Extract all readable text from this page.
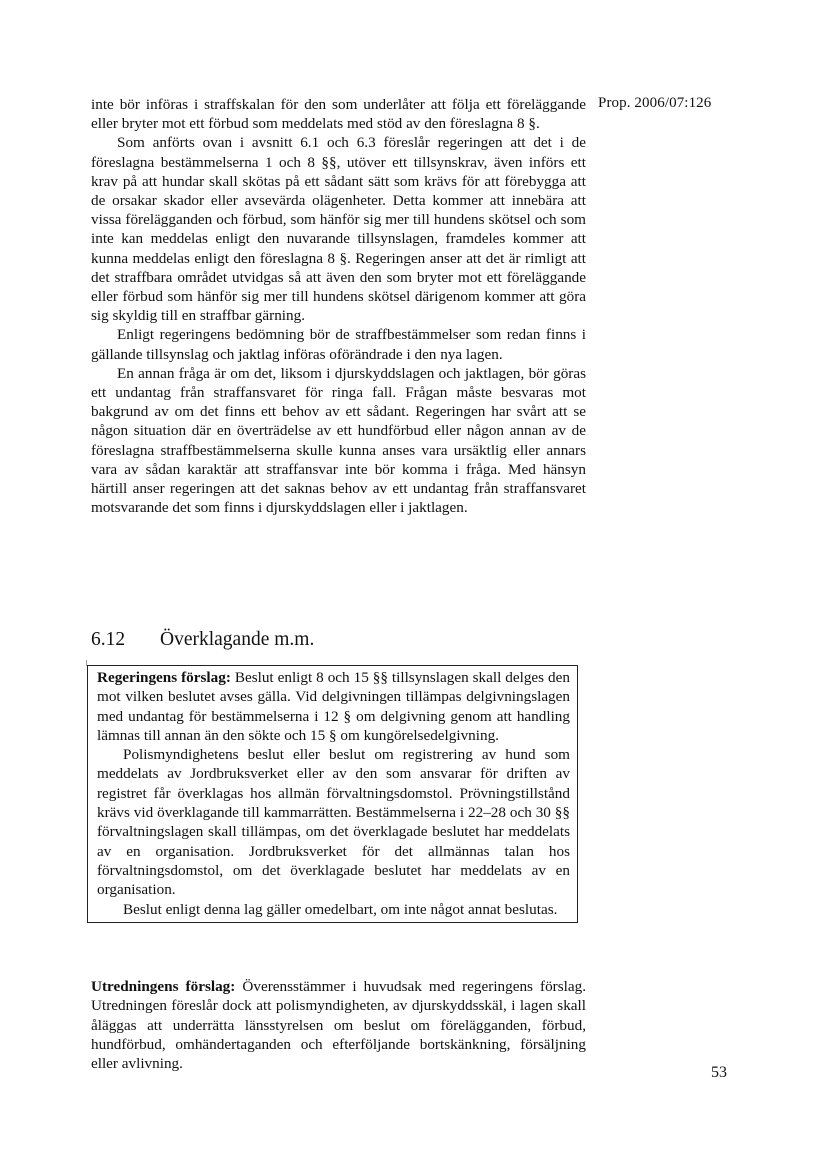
Prop. 2006/07:126

inte bör införas i straffskalan för den som underlåter att följa ett föreläggande eller bryter mot ett förbud som meddelats med stöd av den föreslagna 8 §.

Som anförts ovan i avsnitt 6.1 och 6.3 föreslår regeringen att det i de föreslagna bestämmelserna 1 och 8 §§, utöver ett tillsynskrav, även införs ett krav på att hundar skall skötas på ett sådant sätt som krävs för att förebygga att de orsakar skador eller avsevärda olägenheter. Detta kommer att innebära att vissa förelägganden och förbud, som hänför sig mer till hundens skötsel och som inte kan meddelas enligt den nuvarande tillsynslagen, framdeles kommer att kunna meddelas enligt den föreslagna 8 §. Regeringen anser att det är rimligt att det straffbara området utvidgas så att även den som bryter mot ett föreläggande eller förbud som hänför sig mer till hundens skötsel därigenom kommer att göra sig skyldig till en straffbar gärning.

Enligt regeringens bedömning bör de straffbestämmelser som redan finns i gällande tillsynslag och jaktlag införas oförändrade i den nya lagen.

En annan fråga är om det, liksom i djurskyddslagen och jaktlagen, bör göras ett undantag från straffansvaret för ringa fall. Frågan måste besvaras mot bakgrund av om det finns ett behov av ett sådant. Regeringen har svårt att se någon situation där en överträdelse av ett hundförbud eller någon annan av de föreslagna straffbestämmelserna skulle kunna anses vara ursäktlig eller annars vara av sådan karaktär att straffansvar inte bör komma i fråga. Med hänsyn härtill anser regeringen att det saknas behov av ett undantag från straffansvaret motsvarande det som finns i djurskyddslagen eller i jaktlagen.

6.12 Överklagande m.m.

Regeringens förslag: Beslut enligt 8 och 15 §§ tillsynslagen skall delges den mot vilken beslutet avses gälla. Vid delgivningen tillämpas delgivningslagen med undantag för bestämmelserna i 12 § om delgivning genom att handling lämnas till annan än den sökte och 15 § om kungörelsedelgivning.

Polismyndighetens beslut eller beslut om registrering av hund som meddelats av Jordbruksverket eller av den som ansvarar för driften av registret får överklagas hos allmän förvaltningsdomstol. Prövningstillstånd krävs vid överklagande till kammarrätten. Bestämmelserna i 22–28 och 30 §§ förvaltningslagen skall tillämpas, om det överklagade beslutet har meddelats av en organisation. Jordbruksverket för det allmännas talan hos förvaltningsdomstol, om det överklagade beslutet har meddelats av en organisation.

Beslut enligt denna lag gäller omedelbart, om inte något annat beslutas.

Utredningens förslag: Överensstämmer i huvudsak med regeringens förslag. Utredningen föreslår dock att polismyndigheten, av djurskyddsskäl, i lagen skall åläggas att underrätta länsstyrelsen om beslut om förelägganden, förbud, hundförbud, omhändertaganden och efterföljande bortskänkning, försäljning eller avlivning.

53
